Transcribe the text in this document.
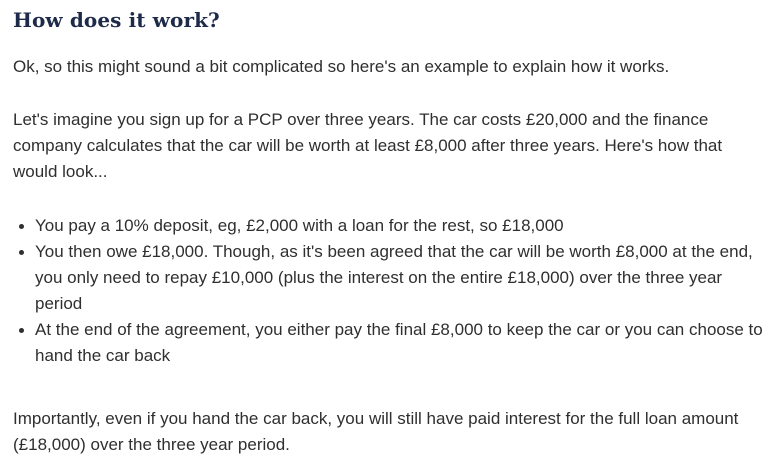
How does it work?

Ok, so this might sound a bit complicated so here's an example to explain how it works.

Let's imagine you sign up for a PCP over three years. The car costs £20,000 and the finance company calculates that the car will be worth at least £8,000 after three years. Here's how that would look...

You pay a 10% deposit, eg, £2,000 with a loan for the rest, so £18,000
You then owe £18,000. Though, as it's been agreed that the car will be worth £8,000 at the end, you only need to repay £10,000 (plus the interest on the entire £18,000) over the three year period
At the end of the agreement, you either pay the final £8,000 to keep the car or you can choose to hand the car back

Importantly, even if you hand the car back, you will still have paid interest for the full loan amount (£18,000) over the three year period.
